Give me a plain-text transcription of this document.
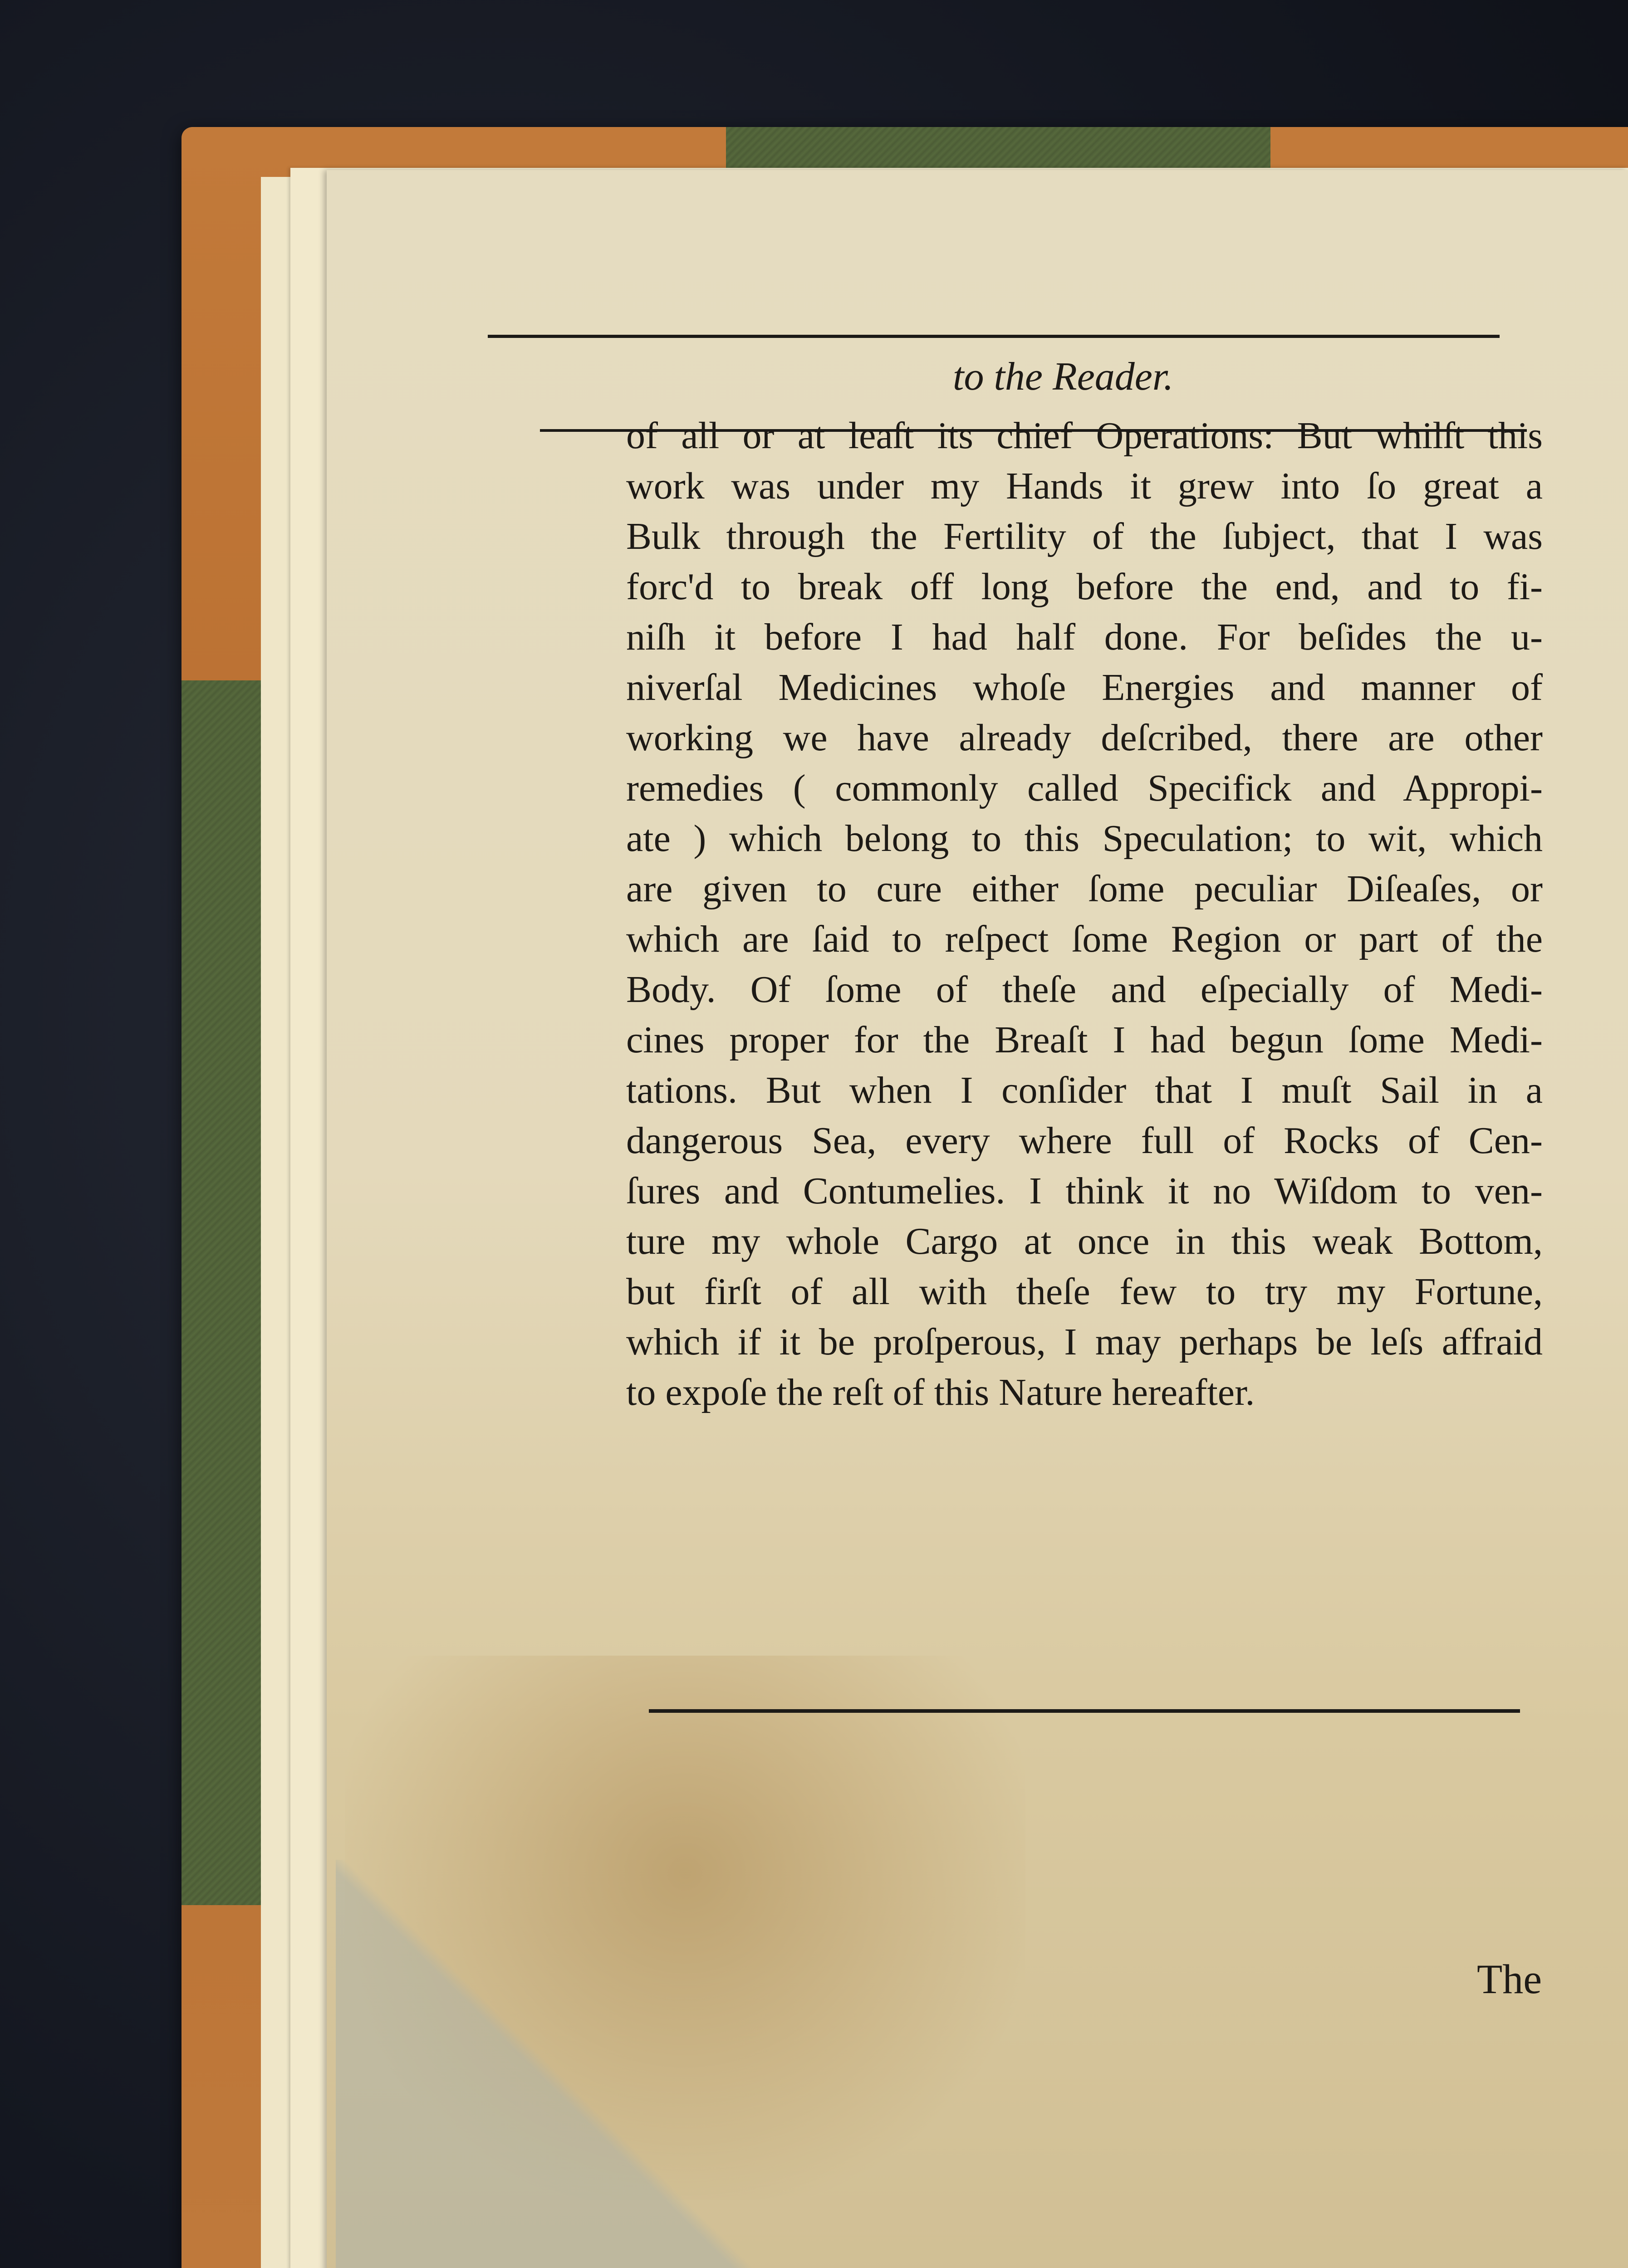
to the Reader.
of all or at leaſt its chief Operations: But whilſt this
work was under my Hands it grew into ſo great a
Bulk through the Fertility of the ſubject, that I was
forc'd to break off long before the end, and to fi-
niſh it before I had half done. For beſides the u-
niverſal Medicines whoſe Energies and manner of
working we have already deſcribed, there are other
remedies ( commonly called Specifick and Appropi-
ate ) which belong to this Speculation; to wit, which
are given to cure either ſome peculiar Diſeaſes, or
which are ſaid to reſpect ſome Region or part of the
Body. Of ſome of theſe and eſpecially of Medi-
cines proper for the Breaſt I had begun ſome Medi-
tations. But when I conſider that I muſt Sail in a
dangerous Sea, every where full of Rocks of Cen-
ſures and Contumelies. I think it no Wiſdom to ven-
ture my whole Cargo at once in this weak Bottom,
but firſt of all with theſe few to try my Fortune,
which if it be proſperous, I may perhaps be leſs affraid
to expoſe the reſt of this Nature hereafter.
The
